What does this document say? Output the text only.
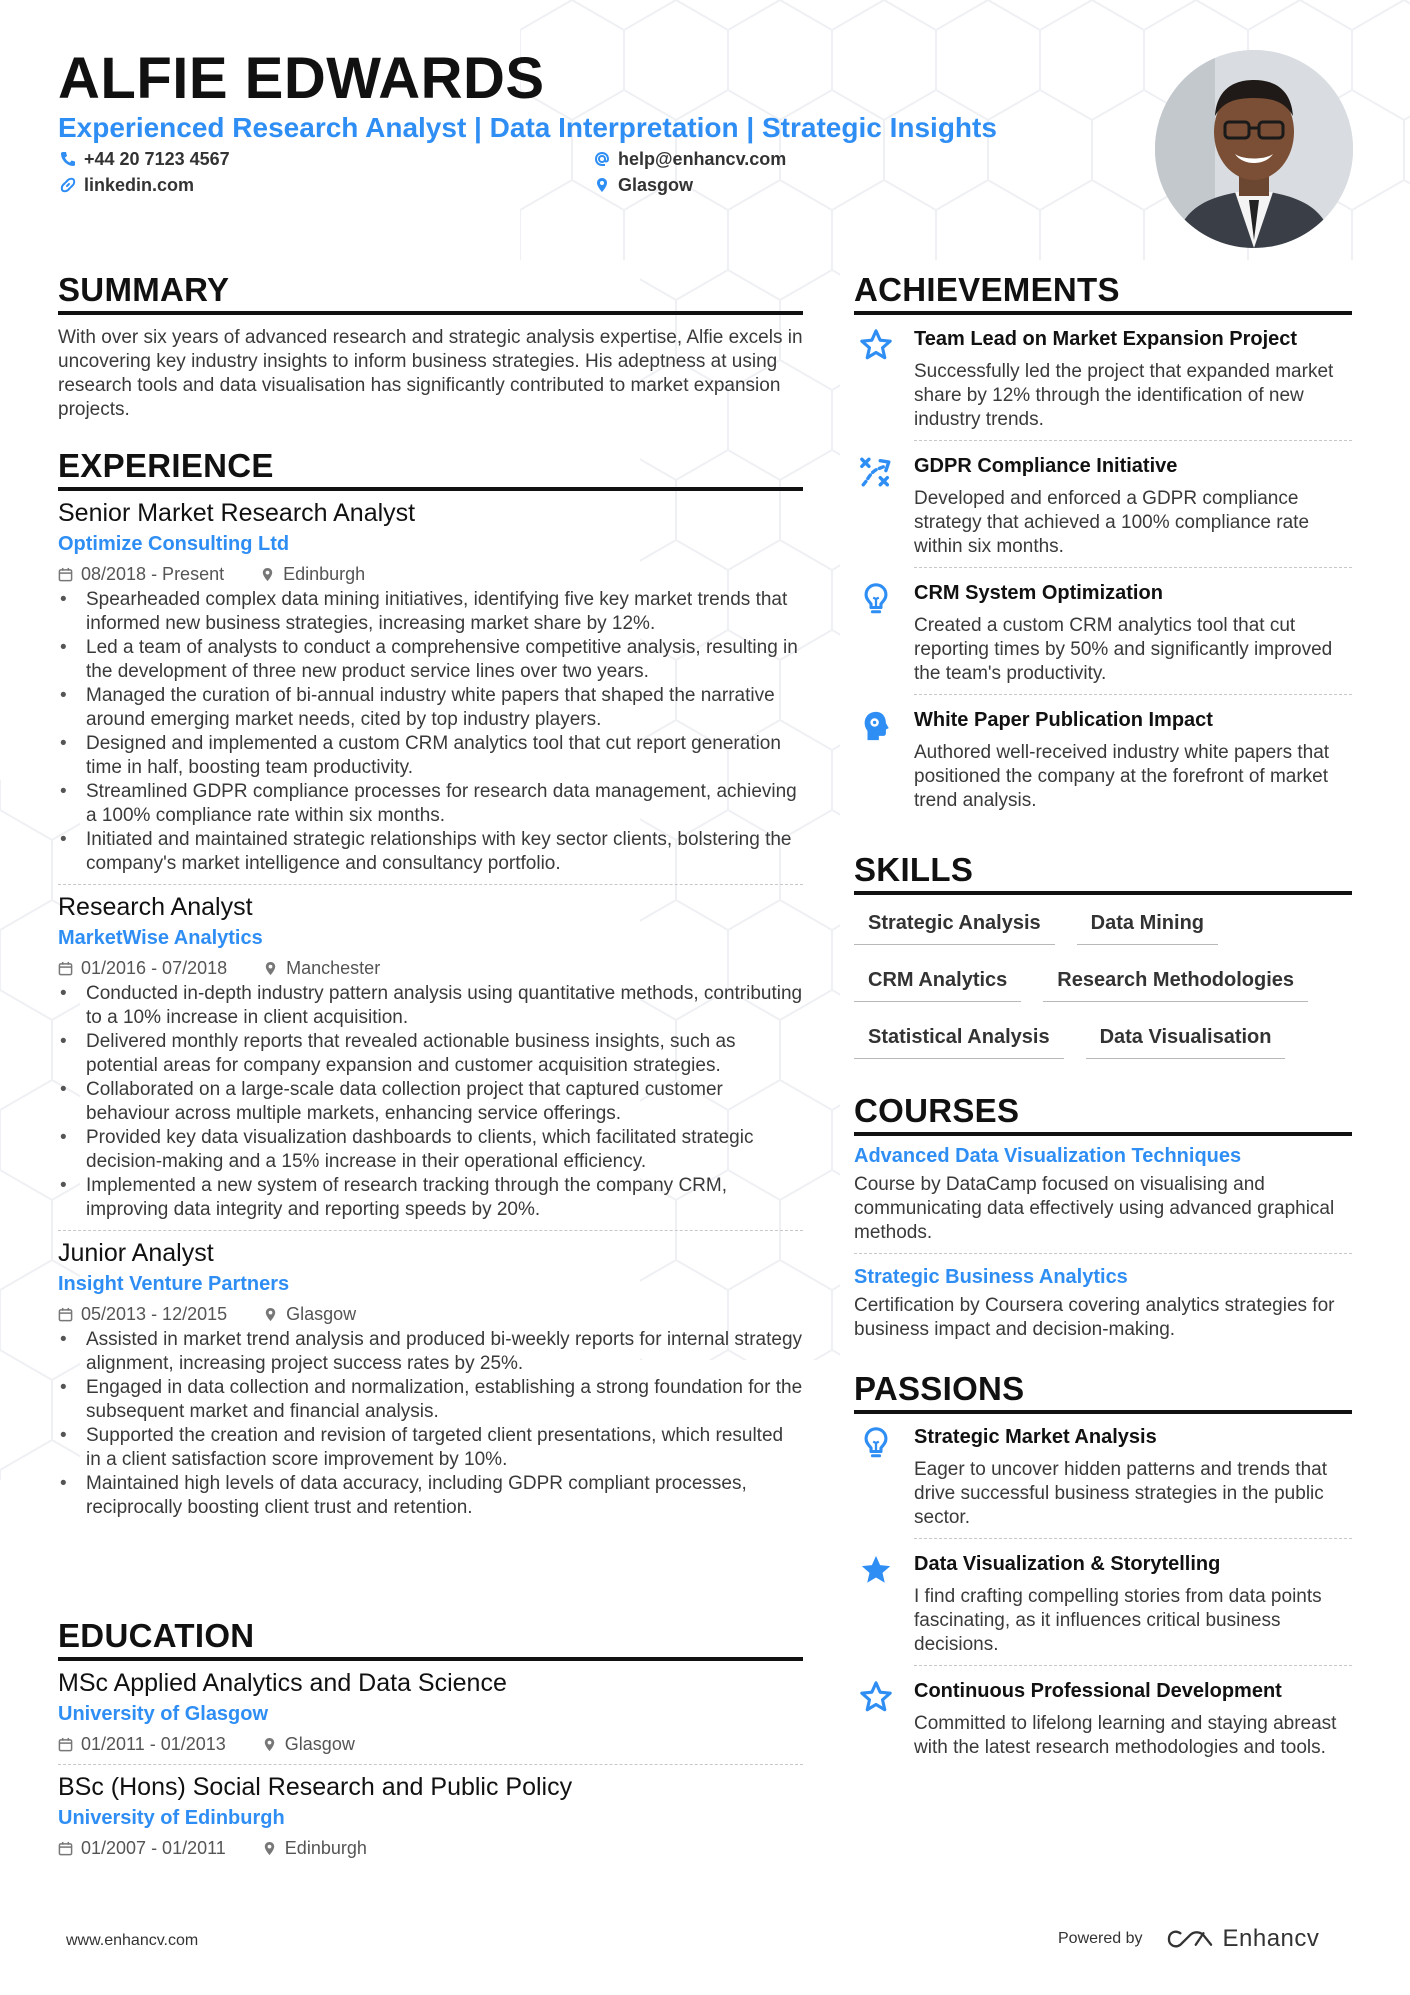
ALFIE EDWARDS
Experienced Research Analyst | Data Interpretation | Strategic Insights
+44 20 7123 4567	help@enhancv.com
linkedin.com	Glasgow
SUMMARY
With over six years of advanced research and strategic analysis expertise, Alfie excels in uncovering key industry insights to inform business strategies. His adeptness at using research tools and data visualisation has significantly contributed to market expansion projects.
EXPERIENCE
Senior Market Research Analyst
Optimize Consulting Ltd
08/2018 - Present	Edinburgh
• Spearheaded complex data mining initiatives, identifying five key market trends that informed new business strategies, increasing market share by 12%.
• Led a team of analysts to conduct a comprehensive competitive analysis, resulting in the development of three new product service lines over two years.
• Managed the curation of bi-annual industry white papers that shaped the narrative around emerging market needs, cited by top industry players.
• Designed and implemented a custom CRM analytics tool that cut report generation time in half, boosting team productivity.
• Streamlined GDPR compliance processes for research data management, achieving a 100% compliance rate within six months.
• Initiated and maintained strategic relationships with key sector clients, bolstering the company's market intelligence and consultancy portfolio.
Research Analyst
MarketWise Analytics
01/2016 - 07/2018	Manchester
• Conducted in-depth industry pattern analysis using quantitative methods, contributing to a 10% increase in client acquisition.
• Delivered monthly reports that revealed actionable business insights, such as potential areas for company expansion and customer acquisition strategies.
• Collaborated on a large-scale data collection project that captured customer behaviour across multiple markets, enhancing service offerings.
• Provided key data visualization dashboards to clients, which facilitated strategic decision-making and a 15% increase in their operational efficiency.
• Implemented a new system of research tracking through the company CRM, improving data integrity and reporting speeds by 20%.
Junior Analyst
Insight Venture Partners
05/2013 - 12/2015	Glasgow
• Assisted in market trend analysis and produced bi-weekly reports for internal strategy alignment, increasing project success rates by 25%.
• Engaged in data collection and normalization, establishing a strong foundation for the subsequent market and financial analysis.
• Supported the creation and revision of targeted client presentations, which resulted in a client satisfaction score improvement by 10%.
• Maintained high levels of data accuracy, including GDPR compliant processes, reciprocally boosting client trust and retention.
EDUCATION
MSc Applied Analytics and Data Science
University of Glasgow
01/2011 - 01/2013	Glasgow
BSc (Hons) Social Research and Public Policy
University of Edinburgh
01/2007 - 01/2011	Edinburgh
ACHIEVEMENTS
Team Lead on Market Expansion Project
Successfully led the project that expanded market share by 12% through the identification of new industry trends.
GDPR Compliance Initiative
Developed and enforced a GDPR compliance strategy that achieved a 100% compliance rate within six months.
CRM System Optimization
Created a custom CRM analytics tool that cut reporting times by 50% and significantly improved the team's productivity.
White Paper Publication Impact
Authored well-received industry white papers that positioned the company at the forefront of market trend analysis.
SKILLS
Strategic Analysis	Data Mining
CRM Analytics	Research Methodologies
Statistical Analysis	Data Visualisation
COURSES
Advanced Data Visualization Techniques
Course by DataCamp focused on visualising and communicating data effectively using advanced graphical methods.
Strategic Business Analytics
Certification by Coursera covering analytics strategies for business impact and decision-making.
PASSIONS
Strategic Market Analysis
Eager to uncover hidden patterns and trends that drive successful business strategies in the public sector.
Data Visualization & Storytelling
I find crafting compelling stories from data points fascinating, as it influences critical business decisions.
Continuous Professional Development
Committed to lifelong learning and staying abreast with the latest research methodologies and tools.
www.enhancv.com	Powered by	Enhancv
